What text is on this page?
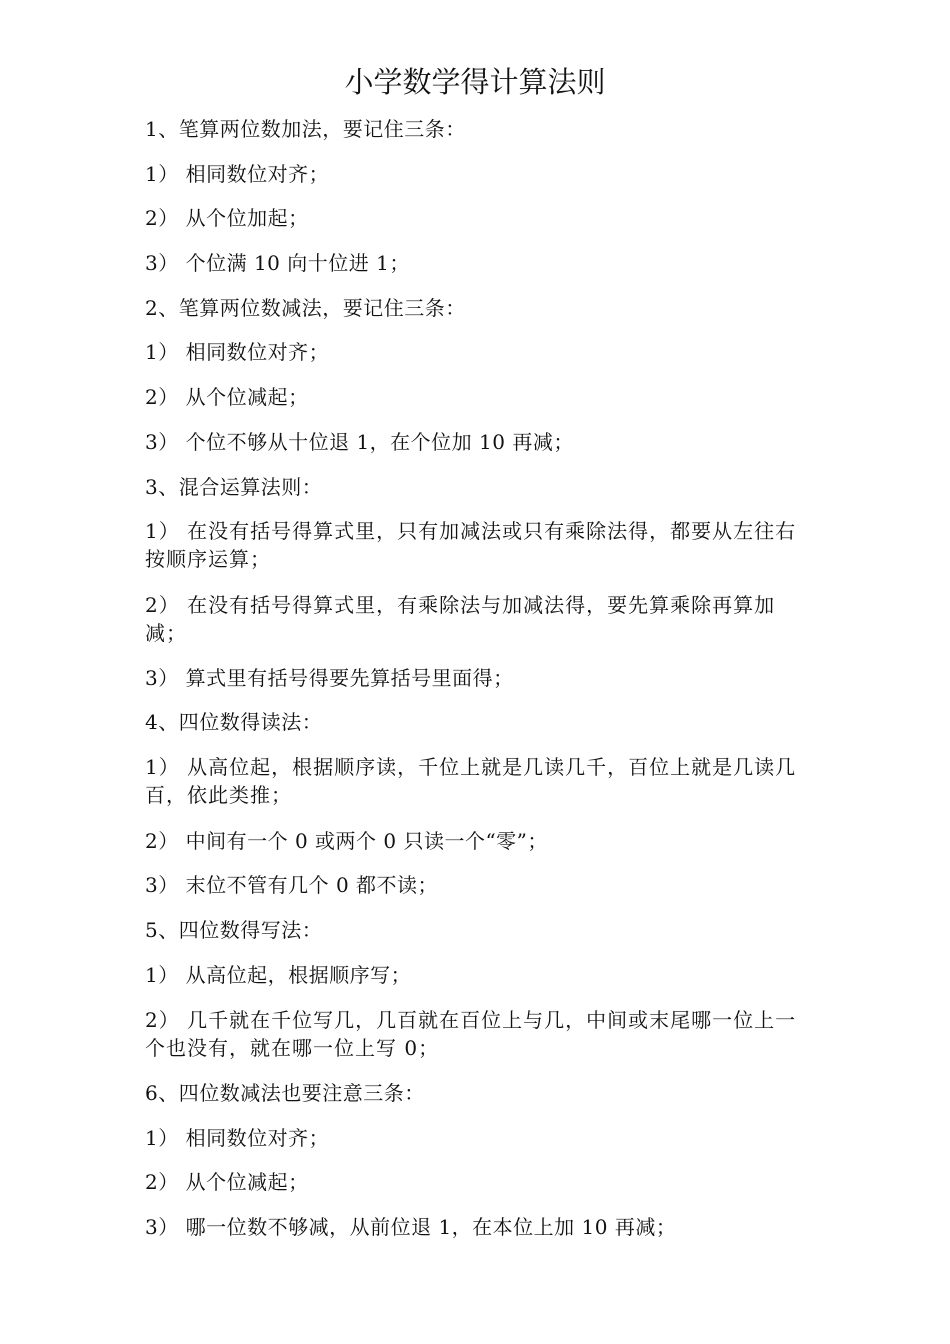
小学数学得计算法则
1、笔算两位数加法，要记住三条：
1） 相同数位对齐；
2） 从个位加起；
3） 个位满 10 向十位进 1；
2、笔算两位数减法，要记住三条：
1） 相同数位对齐；
2） 从个位减起；
3） 个位不够从十位退 1，在个位加 10 再减；
3、混合运算法则：
1） 在没有括号得算式里，只有加减法或只有乘除法得，都要从左往右按顺序运算；
2） 在没有括号得算式里，有乘除法与加减法得，要先算乘除再算加减；
3） 算式里有括号得要先算括号里面得；
4、四位数得读法：
1） 从高位起，根据顺序读，千位上就是几读几千，百位上就是几读几百，依此类推；
2） 中间有一个 0 或两个 0 只读一个“零”；
3） 末位不管有几个 0 都不读；
5、四位数得写法：
1） 从高位起，根据顺序写；
2） 几千就在千位写几，几百就在百位上与几，中间或末尾哪一位上一个也没有，就在哪一位上写 0；
6、四位数减法也要注意三条：
1） 相同数位对齐；
2） 从个位减起；
3） 哪一位数不够减，从前位退 1，在本位上加 10 再减；
